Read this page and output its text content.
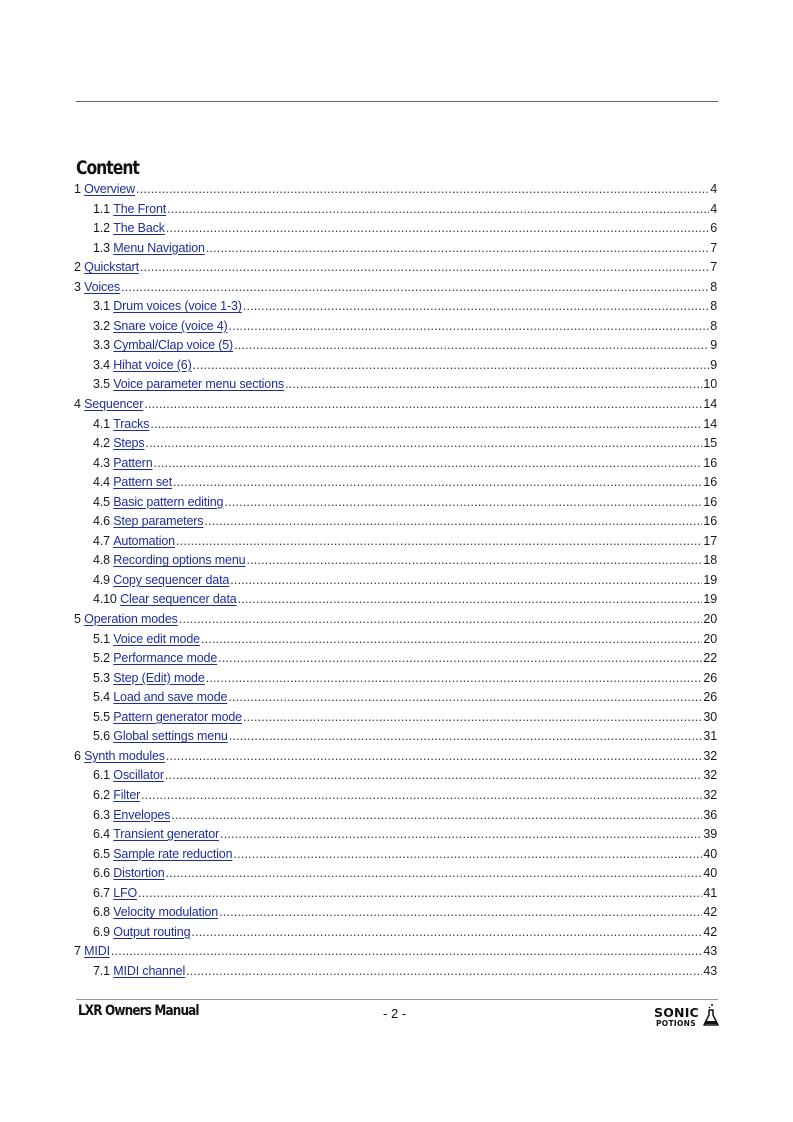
Content
1 Overview .....	4
1.1 The Front .....	4
1.2 The Back .....	6
1.3 Menu Navigation .....	7
2 Quickstart .....	7
3 Voices .....	8
3.1 Drum voices (voice 1-3) .....	8
3.2 Snare voice (voice 4) .....	8
3.3 Cymbal/Clap voice (5) .....	9
3.4 Hihat voice (6) .....	9
3.5 Voice parameter menu sections .....	10
4 Sequencer .....	14
4.1 Tracks .....	14
4.2 Steps .....	15
4.3 Pattern .....	16
4.4 Pattern set .....	16
4.5 Basic pattern editing .....	16
4.6 Step parameters .....	16
4.7 Automation .....	17
4.8 Recording options menu .....	18
4.9 Copy sequencer data .....	19
4.10 Clear sequencer data .....	19
5 Operation modes .....	20
5.1 Voice edit mode .....	20
5.2 Performance mode .....	22
5.3 Step (Edit) mode .....	26
5.4 Load and save mode .....	26
5.5 Pattern generator mode .....	30
5.6 Global settings menu .....	31
6 Synth modules .....	32
6.1 Oscillator .....	32
6.2 Filter .....	32
6.3 Envelopes .....	36
6.4 Transient generator .....	39
6.5 Sample rate reduction .....	40
6.6 Distortion .....	40
6.7 LFO .....	41
6.8 Velocity modulation .....	42
6.9 Output routing .....	42
7 MIDI .....	43
7.1 MIDI channel .....	43
LXR Owners Manual	- 2 -	SONIC
POTIONS
